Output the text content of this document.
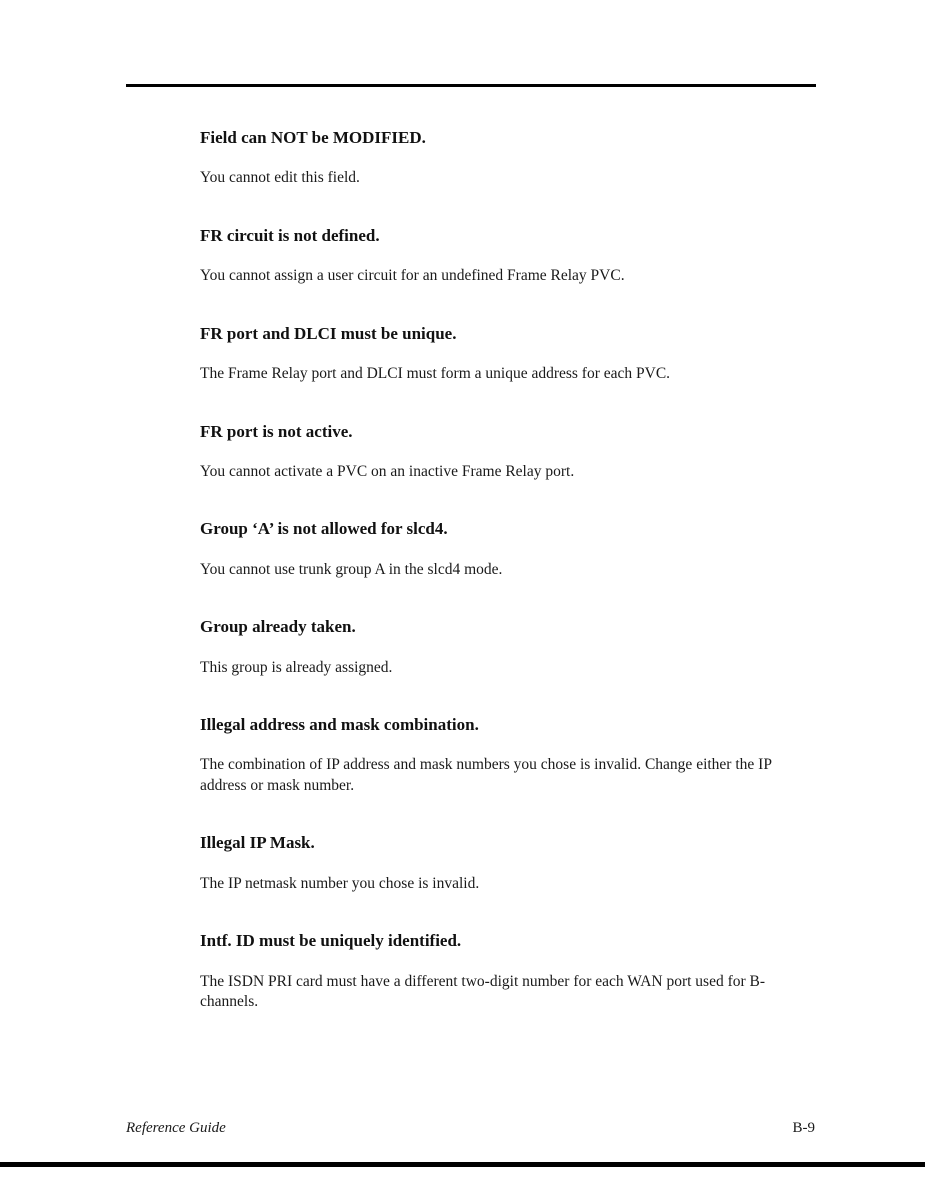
Field can NOT be MODIFIED.

You cannot edit this field.

FR circuit is not defined.

You cannot assign a user circuit for an undefined Frame Relay PVC.

FR port and DLCI must be unique.

The Frame Relay port and DLCI must form a unique address for each PVC.

FR port is not active.

You cannot activate a PVC on an inactive Frame Relay port.

Group ‘A’ is not allowed for slcd4.

You cannot use trunk group A in the slcd4 mode.

Group already taken.

This group is already assigned.

Illegal address and mask combination.

The combination of IP address and mask numbers you chose is invalid. Change either the IP address or mask number.

Illegal IP Mask.

The IP netmask number you chose is invalid.

Intf. ID must be uniquely identified.

The ISDN PRI card must have a different two-digit number for each WAN port used for B-channels.

Reference Guide	B-9
